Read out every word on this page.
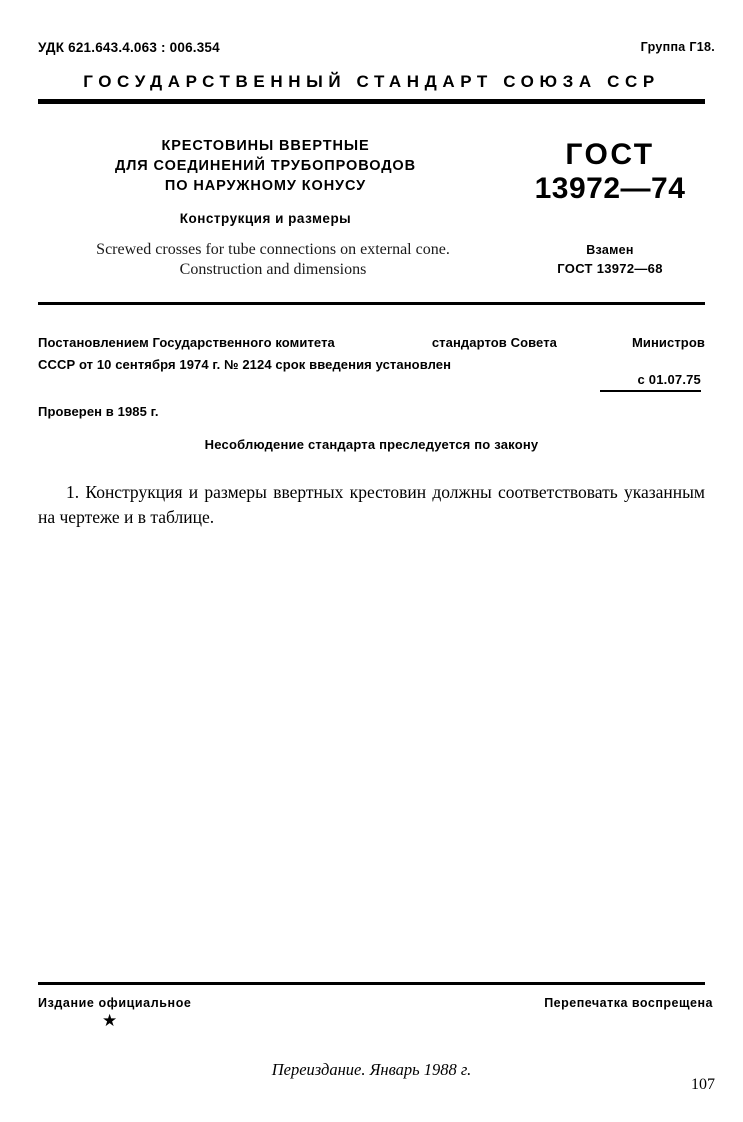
УДК 621.643.4.063 : 006.354	Группа Г18.
ГОСУДАРСТВЕННЫЙ СТАНДАРТ СОЮЗА ССР
КРЕСТОВИНЫ ВВЕРТНЫЕ
ДЛЯ СОЕДИНЕНИЙ ТРУБОПРОВОДОВ
ПО НАРУЖНОМУ КОНУСУ
Конструкция и размеры
Screwed crosses for tube connections on external cone.
Construction and dimensions
ГОСТ
13972—74
Взамен
ГОСТ 13972—68
Постановлением Государственного комитета	стандартов Совета	Министров
СССР от 10 сентября 1974 г. № 2124 срок введения установлен
с 01.07.75
Проверен в 1985 г.
Несоблюдение стандарта преследуется по закону
1. Конструкция и размеры ввертных крестовин должны соответствовать указанным на чертеже и в таблице.
Издание официальное	Перепечатка воспрещена
★
Переиздание. Январь 1988 г.
107
